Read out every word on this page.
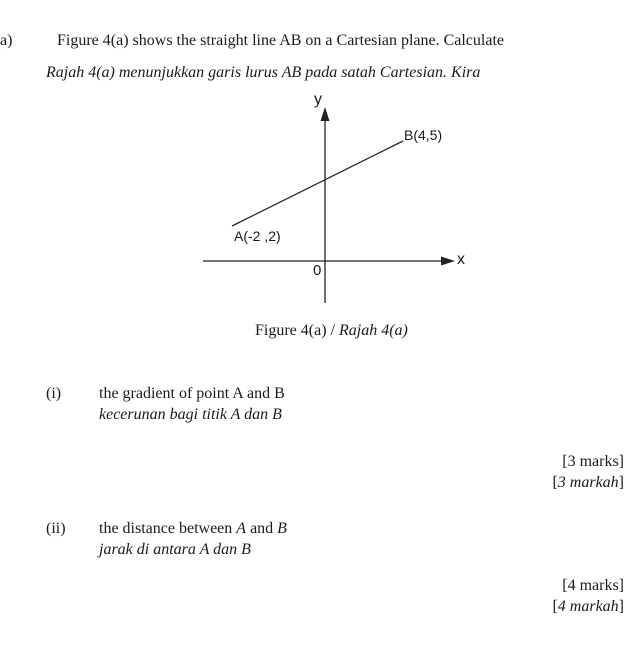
a)	Figure 4(a) shows the straight line AB on a Cartesian plane. Calculate
Rajah 4(a) menunjukkan garis lurus AB pada satah Cartesian. Kira
y
x
0
A(-2 ,2)
B(4,5)
Figure 4(a) / Rajah 4(a)
(i) the gradient of point A and B
kecerunan bagi titik A dan B
[3 marks]
[3 markah]
(ii) the distance between A and B
jarak di antara A dan B
[4 marks]
[4 markah]
